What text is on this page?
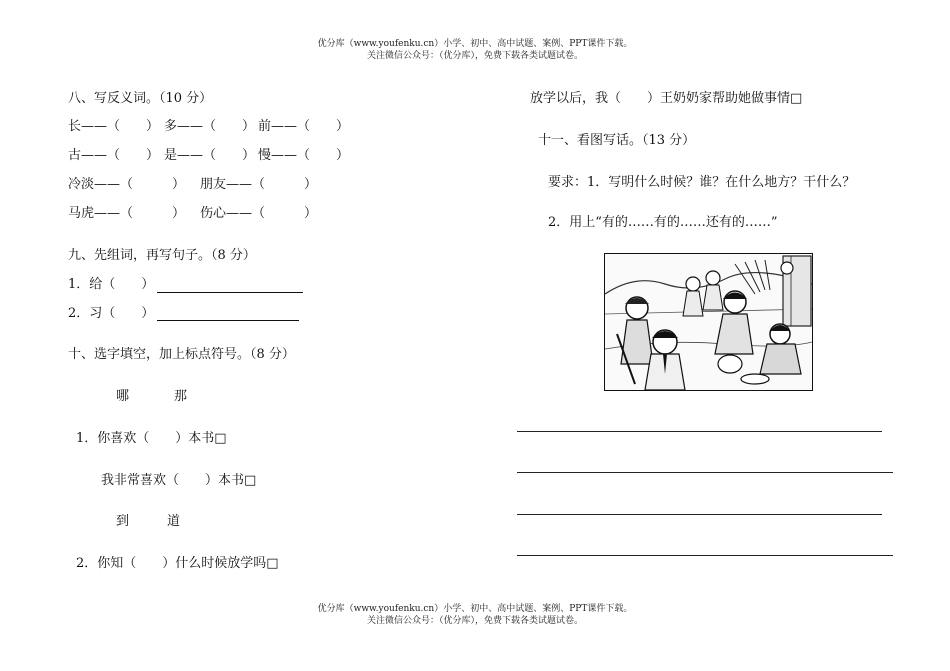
优分库（www.youfenku.cn）小学、初中、高中试题、案例、PPT课件下载。
关注微信公众号：（优分库），免费下载各类试题试卷。
八、写反义词。（10 分）
长——（　　） 多——（　　） 前——（　　）
古——（　　） 是——（　　） 慢——（　　）
冷淡——（　　　） 朋友——（　　　）
马虎——（　　　） 伤心——（　　　）
九、先组词，再写句子。（8 分）
1．给（　　）
2．习（　　）
十、选字填空，加上标点符号。（8 分）
哪	那
1．你喜欢（　　）本书□
我非常喜欢（　　）本书□
到	道
2．你知（　　）什么时候放学吗□
放学以后，我（　　）王奶奶家帮助她做事情□
十一、看图写话。（13 分）
要求：1．写明什么时候？谁？在什么地方？干什么？
2．用上“有的……有的……还有的……”
优分库（www.youfenku.cn）小学、初中、高中试题、案例、PPT课件下载。
关注微信公众号：（优分库），免费下载各类试题试卷。
